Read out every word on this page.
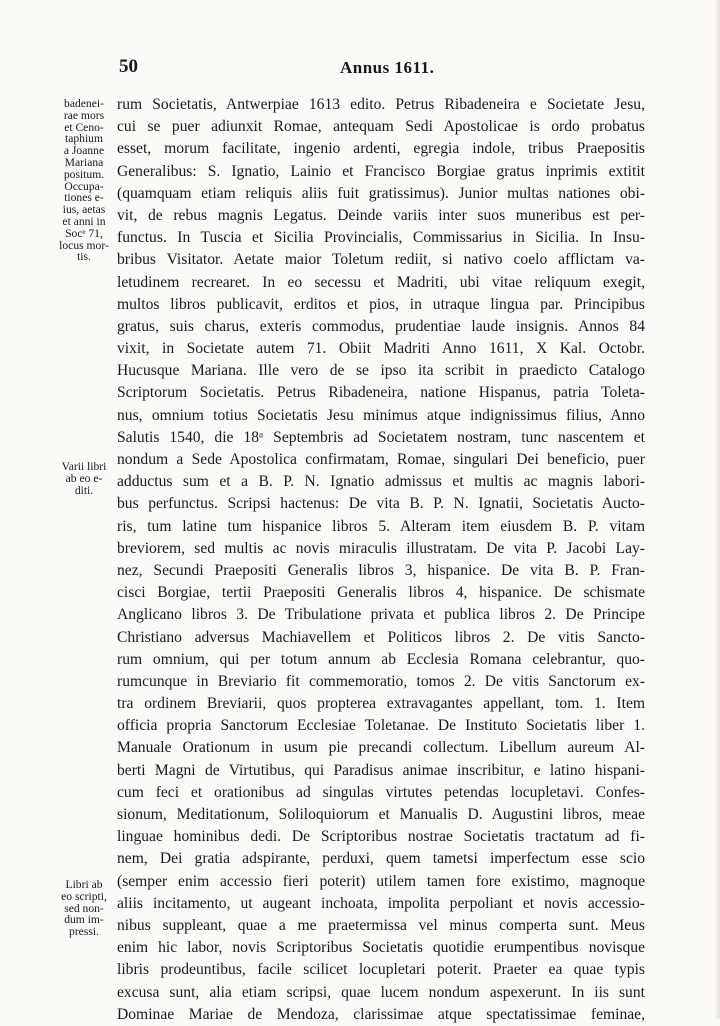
50	Annus 1611.
badenei-
rae mors
et Ceno-
taphium
a Joanne
Mariana
positum.
Occupa-
tiones e-
ius, aetas
et anni in
Socᵉ 71,
locus mor-
tis.
Varii libri
ab eo e-
diti.
Libri ab
eo scripti,
sed non-
dum im-
pressi.
rum Societatis, Antwerpiae 1613 edito. Petrus Ribadeneira e Societate Jesu,
cui se puer adiunxit Romae, antequam Sedi Apostolicae is ordo probatus
esset, morum facilitate, ingenio ardenti, egregia indole, tribus Praepositis
Generalibus: S. Ignatio, Lainio et Francisco Borgiae gratus inprimis extitit
(quamquam etiam reliquis aliis fuit gratissimus). Junior multas nationes obi-
vit, de rebus magnis Legatus. Deinde variis inter suos muneribus est per-
functus. In Tuscia et Sicilia Provincialis, Commissarius in Sicilia. In Insu-
bribus Visitator. Aetate maior Toletum rediit, si nativo coelo afflictam va-
letudinem recrearet. In eo secessu et Madriti, ubi vitae reliquum exegit,
multos libros publicavit, erditos et pios, in utraque lingua par. Principibus
gratus, suis charus, exteris commodus, prudentiae laude insignis. Annos 84
vixit, in Societate autem 71. Obiit Madriti Anno 1611, X Kal. Octobr.
Hucusque Mariana. Ille vero de se ipso ita scribit in praedicto Catalogo
Scriptorum Societatis. Petrus Ribadeneira, natione Hispanus, patria Toleta-
nus, omnium totius Societatis Jesu minimus atque indignissimus filius, Anno
Salutis 1540, die 18ᵃ Septembris ad Societatem nostram, tunc nascentem et
nondum a Sede Apostolica confirmatam, Romae, singulari Dei beneficio, puer
adductus sum et a B. P. N. Ignatio admissus et multis ac magnis labori-
bus perfunctus. Scripsi hactenus: De vita B. P. N. Ignatii, Societatis Aucto-
ris, tum latine tum hispanice libros 5. Alteram item eiusdem B. P. vitam
breviorem, sed multis ac novis miraculis illustratam. De vita P. Jacobi Lay-
nez, Secundi Praepositi Generalis libros 3, hispanice. De vita B. P. Fran-
cisci Borgiae, tertii Praepositi Generalis libros 4, hispanice. De schismate
Anglicano libros 3. De Tribulatione privata et publica libros 2. De Principe
Christiano adversus Machiavellem et Politicos libros 2. De vitis Sancto-
rum omnium, qui per totum annum ab Ecclesia Romana celebrantur, quo-
rumcunque in Breviario fit commemoratio, tomos 2. De vitis Sanctorum ex-
tra ordinem Breviarii, quos propterea extravagantes appellant, tom. 1. Item
officia propria Sanctorum Ecclesiae Toletanae. De Instituto Societatis liber 1.
Manuale Orationum in usum pie precandi collectum. Libellum aureum Al-
berti Magni de Virtutibus, qui Paradisus animae inscribitur, e latino hispani-
cum feci et orationibus ad singulas virtutes petendas locupletavi. Confes-
sionum, Meditationum, Soliloquiorum et Manualis D. Augustini libros, meae
linguae hominibus dedi. De Scriptoribus nostrae Societatis tractatum ad fi-
nem, Dei gratia adspirante, perduxi, quem tametsi imperfectum esse scio
(semper enim accessio fieri poterit) utilem tamen fore existimo, magnoque
aliis incitamento, ut augeant inchoata, impolita perpoliant et novis accessio-
nibus suppleant, quae a me praetermissa vel minus comperta sunt. Meus
enim hic labor, novis Scriptoribus Societatis quotidie erumpentibus novisque
libris prodeuntibus, facile scilicet locupletari poterit. Praeter ea quae typis
excusa sunt, alia etiam scripsi, quae lucem nondum aspexerunt. In iis sunt
Dominae Mariae de Mendoza, clarissimae atque spectatissimae feminae,
